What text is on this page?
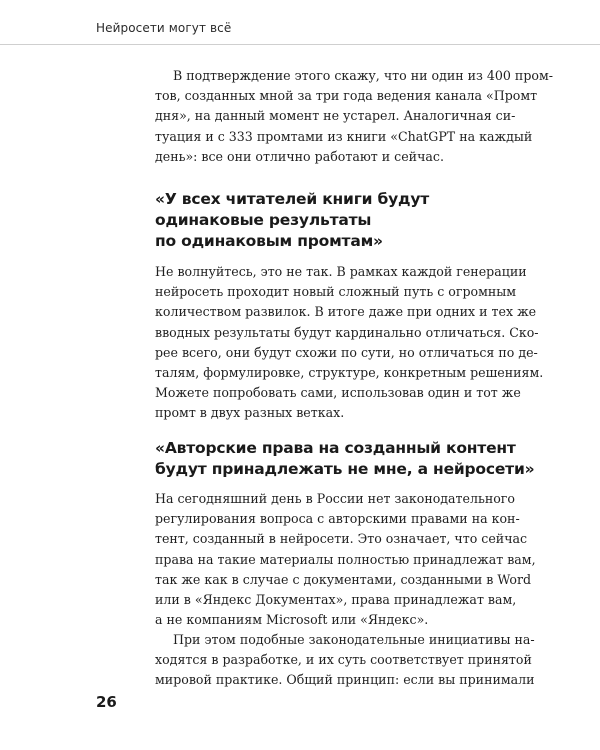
Нейросети могут всё

В подтверждение этого скажу, что ни один из 400 пром-
тов, созданных мной за три года ведения канала «Промт
дня», на данный момент не устарел. Аналогичная си-
туация и с 333 промтами из книги «ChatGPT на каждый
день»: все они отлично работают и сейчас.

«У всех читателей книги будут
одинаковые результаты
по одинаковым промтам»

Не волнуйтесь, это не так. В рамках каждой генерации
нейросеть проходит новый сложный путь с огромным
количеством развилок. В итоге даже при одних и тех же
вводных результаты будут кардинально отличаться. Ско-
рее всего, они будут схожи по сути, но отличаться по де-
талям, формулировке, структуре, конкретным решениям.
Можете попробовать сами, использовав один и тот же
промт в двух разных ветках.

«Авторские права на созданный контент
будут принадлежать не мне, а нейросети»

На сегодняшний день в России нет законодательного
регулирования вопроса с авторскими правами на кон-
тент, созданный в нейросети. Это означает, что сейчас
права на такие материалы полностью принадлежат вам,
так же как в случае с документами, созданными в Word
или в «Яндекс Документах», права принадлежат вам,
а не компаниям Microsoft или «Яндекс».

При этом подобные законодательные инициативы на-
ходятся в разработке, и их суть соответствует принятой
мировой практике. Общий принцип: если вы принимали

26
